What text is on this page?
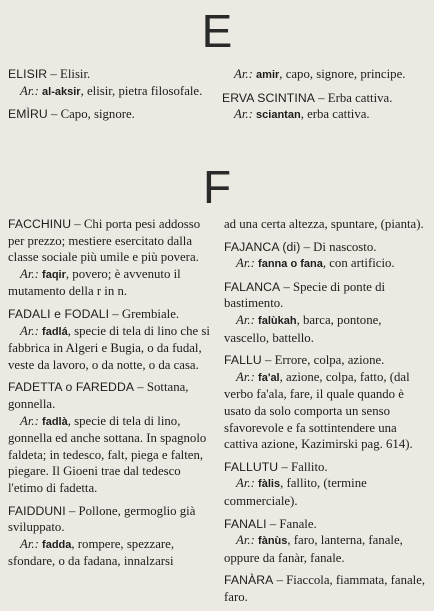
E
ELISIR – Elisir.
Ar.: al-aksir, elisir, pietra filosofale.
EMÌRU – Capo, signore.
Ar.: amir, capo, signore, principe.
ERVA SCINTINA – Erba cattiva.
Ar.: sciantan, erba cattiva.
F
FACCHINU – Chi porta pesi addosso per prezzo; mestiere esercitato dalla classe sociale più umile e più povera.
Ar.: faqir, povero; è avvenuto il mutamento della r in n.
FADALI e FODALI – Grembiale.
Ar.: fadlá, specie di tela di lino che si fabbrica in Algeri e Bugia, o da fudal, veste da lavoro, o da notte, o da casa.
FADETTA o FAREDDA – Sottana, gonnella.
Ar.: fadlà, specie di tela di lino, gonnella ed anche sottana. In spagnolo faldeta; in tedesco, falt, piega e falten, piegare. Il Gioeni trae dal tedesco l'etimo di fadetta.
FAIDDUNI – Pollone, germoglio già sviluppato.
Ar.: fadda, rompere, spezzare, sfondare, o da fadana, innalzarsi
ad una certa altezza, spuntare, (pianta).
FAJANCA (di) – Di nascosto.
Ar.: fanna o fana, con artificio.
FALANCA – Specie di ponte di bastimento.
Ar.: falùkah, barca, pontone, vascello, battello.
FALLU – Errore, colpa, azione.
Ar.: fa'al, azione, colpa, fatto, (dal verbo fa'ala, fare, il quale quando è usato da solo comporta un senso sfavorevole e fa sottintendere una cattiva azione, Kazimirski pag. 614).
FALLUTU – Fallito.
Ar.: fàlis, fallito, (termine commerciale).
FANALI – Fanale.
Ar.: fànùs, faro, lanterna, fanale, oppure da fanàr, fanale.
FANÀRA – Fiaccola, fiammata, fanale, faro.
